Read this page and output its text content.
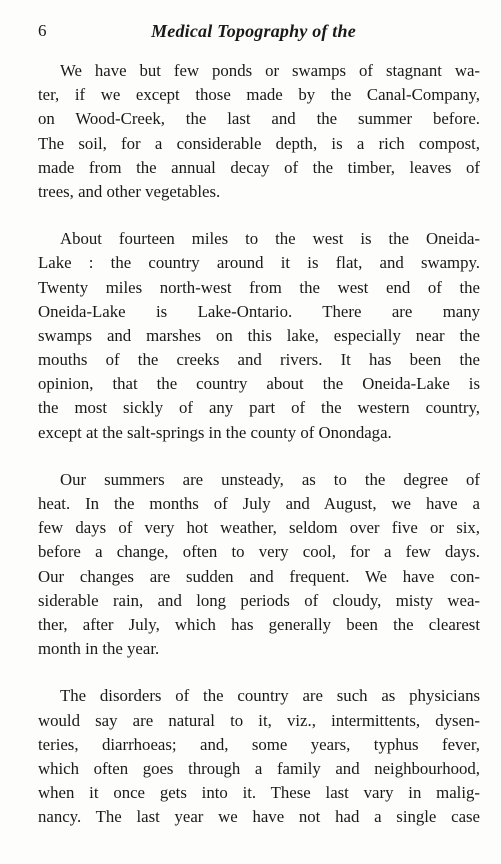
6	Medical Topography of the
We have but few ponds or swamps of stagnant wa-
ter, if we except those made by the Canal-Company,
on Wood-Creek, the last and the summer before.
The soil, for a considerable depth, is a rich compost,
made from the annual decay of the timber, leaves of
trees, and other vegetables.
About fourteen miles to the west is the Oneida-
Lake : the country around it is flat, and swampy.
Twenty miles north-west from the west end of the
Oneida-Lake is Lake-Ontario. There are many
swamps and marshes on this lake, especially near the
mouths of the creeks and rivers. It has been the
opinion, that the country about the Oneida-Lake is
the most sickly of any part of the western country,
except at the salt-springs in the county of Onondaga.
Our summers are unsteady, as to the degree of
heat. In the months of July and August, we have a
few days of very hot weather, seldom over five or six,
before a change, often to very cool, for a few days.
Our changes are sudden and frequent. We have con-
siderable rain, and long periods of cloudy, misty wea-
ther, after July, which has generally been the clearest
month in the year.
The disorders of the country are such as physicians
would say are natural to it, viz., intermittents, dysen-
teries, diarrhoeas; and, some years, typhus fever,
which often goes through a family and neighbourhood,
when it once gets into it. These last vary in malig-
nancy. The last year we have not had a single case
